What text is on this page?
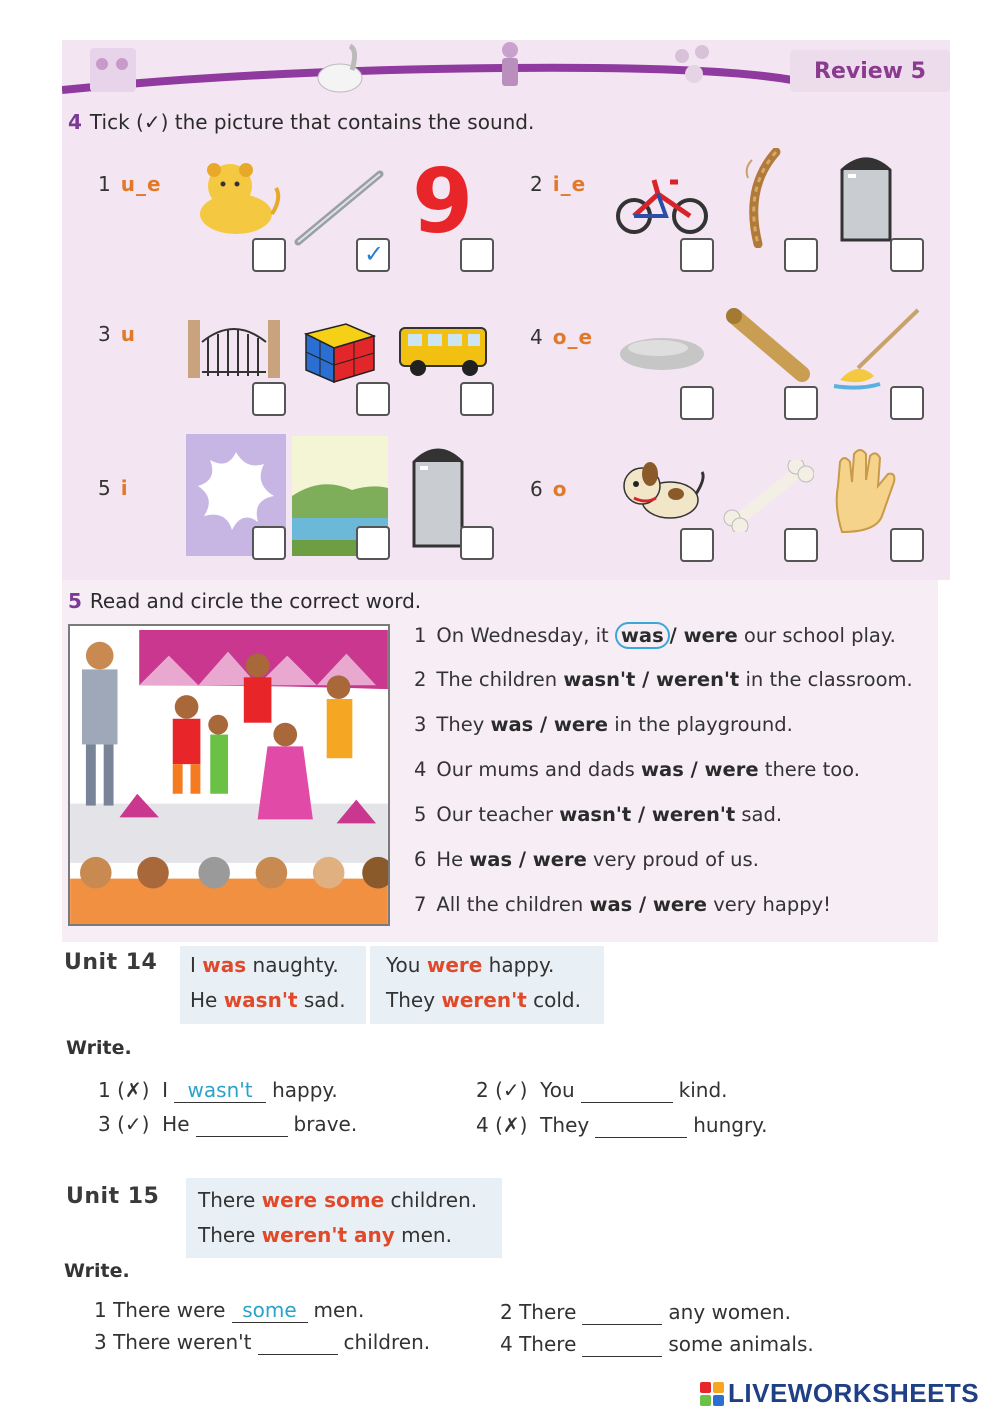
Review 5
4 Tick (✓) the picture that contains the sound.
1 u_e	2 i_e
3 u	4 o_e
5 i	6 o
9
✓
5 Read and circle the correct word.
1 On Wednesday, it was / were our school play.
2 The children wasn't / weren't in the classroom.
3 They was / were in the playground.
4 Our mums and dads was / were there too.
5 Our teacher wasn't / weren't sad.
6 He was / were very proud of us.
7 All the children was / were very happy!
Unit 14 I was naughty. You were happy.
He wasn't sad. They weren't cold.
Write.
1 (✗) Iwasn't	happy.	2 (✓) You	kind.
3 (✓) He	brave.	4 (✗) They	hungry.
Unit 15 There were some children.
There weren't any men.
Write.
1 There weresome	men.	2 There	any women.
3 There weren't	children.	4 There	some animals.
LIVEWORKSHEETS
